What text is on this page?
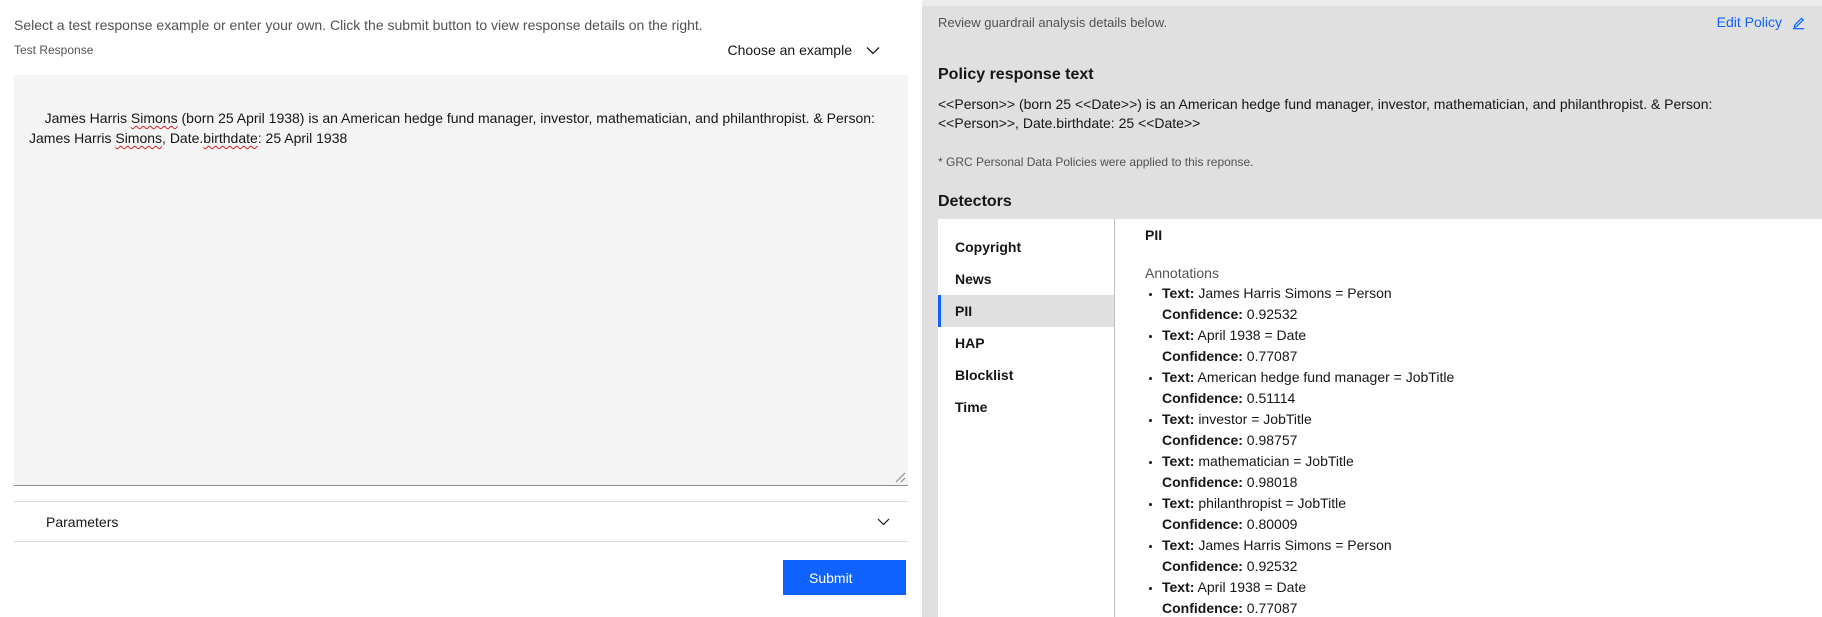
Select a test response example or enter your own. Click the submit button to view response details on the right.
Test Response	Choose an example

James Harris Simons (born 25 April 1938) is an American hedge fund manager, investor, mathematician, and philanthropist. & Person: James Harris Simons, Date.birthdate: 25 April 1938

Parameters
Submit
Review guardrail analysis details below.	Edit Policy
Policy response text
<<Person>> (born 25 <<Date>>) is an American hedge fund manager, investor, mathematician, and philanthropist. & Person: <<Person>>, Date.birthdate: 25 <<Date>>
* GRC Personal Data Policies were applied to this reponse.
Detectors
Copyright
News
PII
HAP
Blocklist
Time
PII
Annotations
• Text: James Harris Simons = Person
Confidence: 0.92532
• Text: April 1938 = Date
Confidence: 0.77087
• Text: American hedge fund manager = JobTitle
Confidence: 0.51114
• Text: investor = JobTitle
Confidence: 0.98757
• Text: mathematician = JobTitle
Confidence: 0.98018
• Text: philanthropist = JobTitle
Confidence: 0.80009
• Text: James Harris Simons = Person
Confidence: 0.92532
• Text: April 1938 = Date
Confidence: 0.77087
